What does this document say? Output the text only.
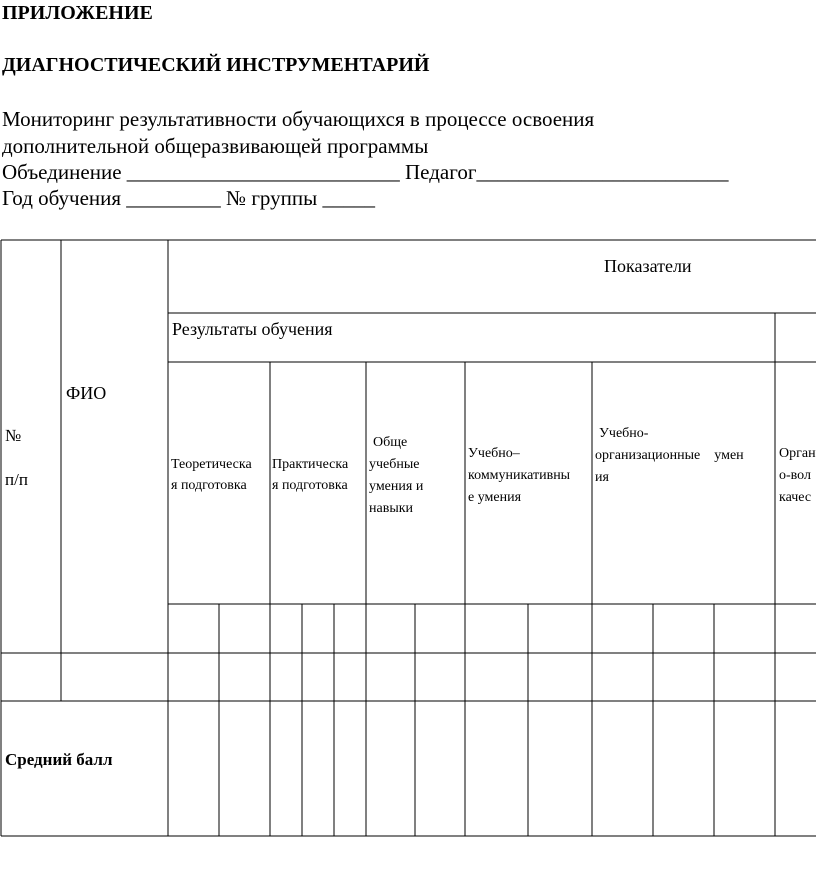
ПРИЛОЖЕНИЕ
ДИАГНОСТИЧЕСКИЙ ИНСТРУМЕНТАРИЙ
Мониторинг результативности обучающихся в процессе освоения
дополнительной общеразвивающей программы
Объединение __________________________ Педагог________________________
Год обучения _________ № группы _____
№
п/п
ФИО
Показатели
Результаты обучения
Теоретическа
я подготовка
Практическа
я подготовка
Обще
учебные
умения и
навыки
Учебно–
коммуникативны
е умения
Учебно-
организационные    умен
ия
Орган
о-вол
качес
Средний балл
